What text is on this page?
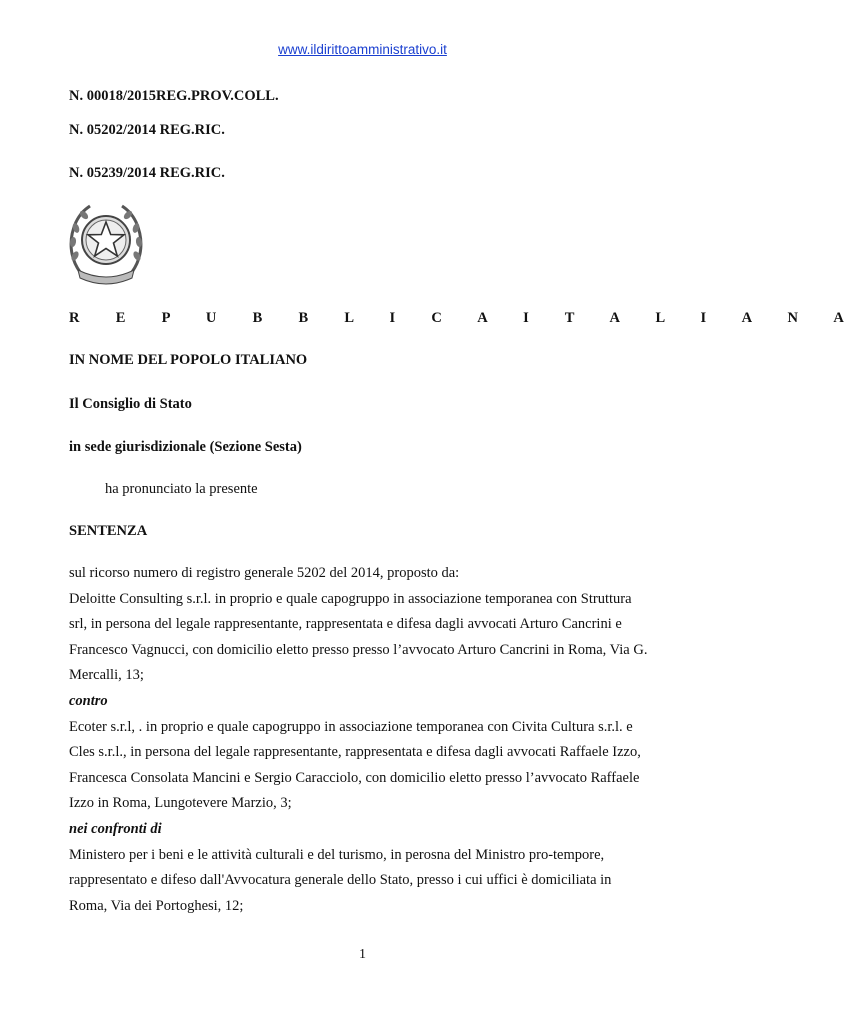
www.ildirittoamministrativo.it
N. 00018/2015REG.PROV.COLL.
N. 05202/2014 REG.RIC.
N. 05239/2014 REG.RIC.
R E P U B B L I C A I T A L I A N A
IN NOME DEL POPOLO ITALIANO
Il Consiglio di Stato
in sede giurisdizionale (Sezione Sesta)
ha pronunciato la presente
SENTENZA
sul ricorso numero di registro generale 5202 del 2014, proposto da:
Deloitte Consulting s.r.l. in proprio e quale capogruppo in associazione temporanea con Struttura
srl, in persona del legale rappresentante, rappresentata e difesa dagli avvocati Arturo Cancrini e
Francesco Vagnucci, con domicilio eletto presso presso l’avvocato Arturo Cancrini in Roma, Via G.
Mercalli, 13;
contro
Ecoter s.r.l, . in proprio e quale capogruppo in associazione temporanea con Civita Cultura s.r.l. e
Cles s.r.l., in persona del legale rappresentante, rappresentata e difesa dagli avvocati Raffaele Izzo,
Francesca Consolata Mancini e Sergio Caracciolo, con domicilio eletto presso l’avvocato Raffaele
Izzo in Roma, Lungotevere Marzio, 3;
nei confronti di
Ministero per i beni e le attività culturali e del turismo, in perosna del Ministro pro-tempore,
rappresentato e difeso dall'Avvocatura generale dello Stato, presso i cui uffici è domiciliata in
Roma, Via dei Portoghesi, 12;
1
